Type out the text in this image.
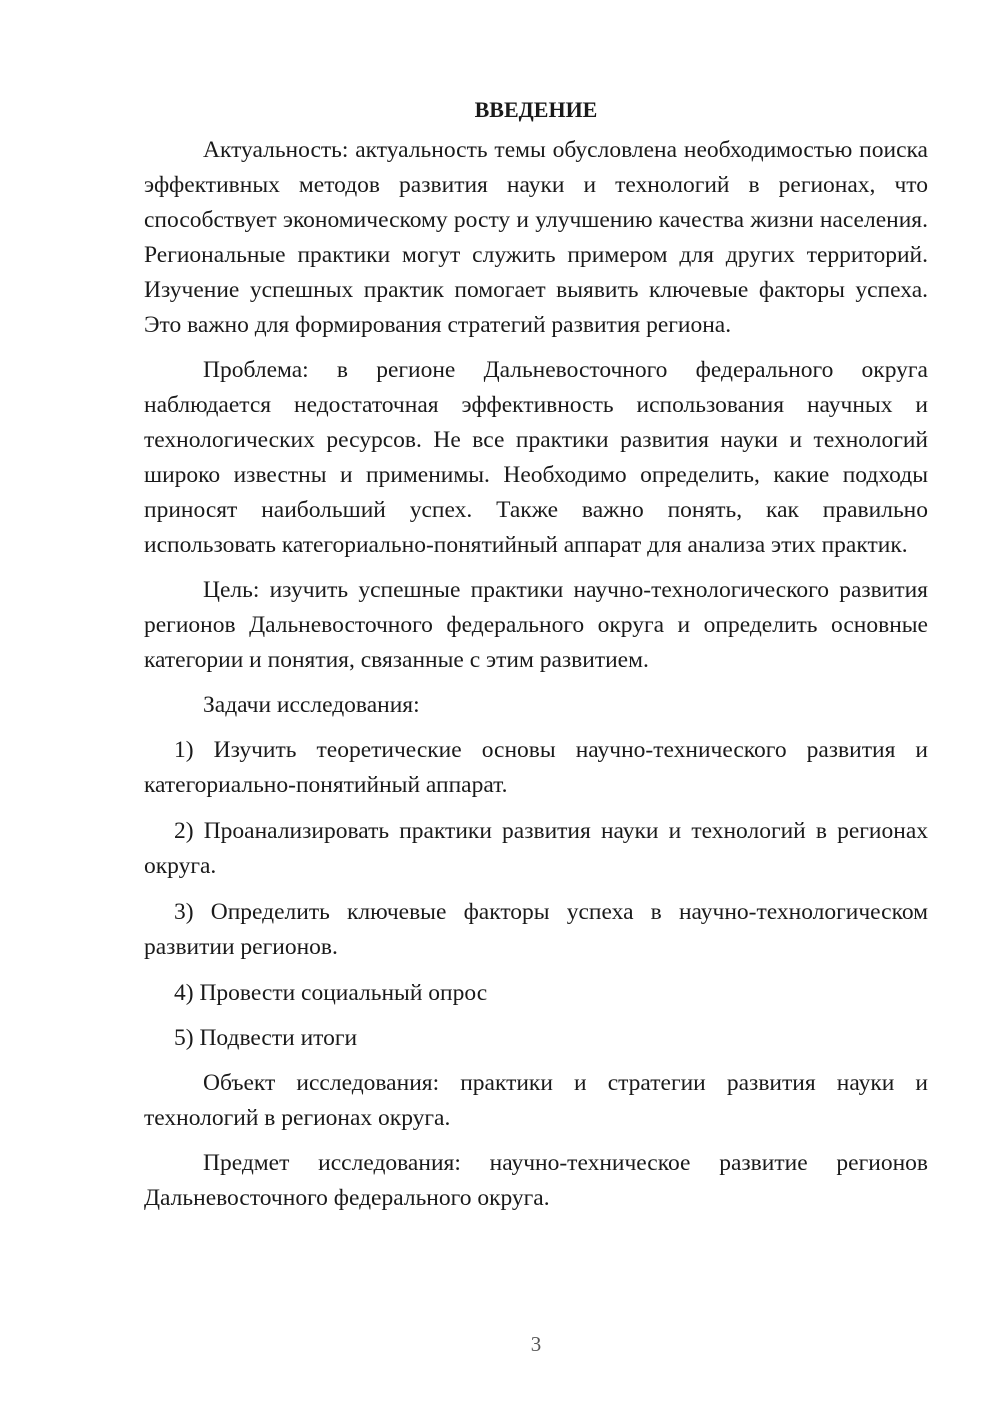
ВВЕДЕНИЕ

Актуальность: актуальность темы обусловлена необходимостью поиска эффективных методов развития науки и технологий в регионах, что способствует экономическому росту и улучшению качества жизни населения. Региональные практики могут служить примером для других территорий. Изучение успешных практик помогает выявить ключевые факторы успеха. Это важно для формирования стратегий развития региона.

Проблема: в регионе Дальневосточного федерального округа наблюдается недостаточная эффективность использования научных и технологических ресурсов. Не все практики развития науки и технологий широко известны и применимы. Необходимо определить, какие подходы приносят наибольший успех. Также важно понять, как правильно использовать категориально-понятийный аппарат для анализа этих практик.

Цель: изучить успешные практики научно-технологического развития регионов Дальневосточного федерального округа и определить основные категории и понятия, связанные с этим развитием.

Задачи исследования:

1) Изучить теоретические основы научно-технического развития и категориально-понятийный аппарат.

2) Проанализировать практики развития науки и технологий в регионах округа.

3) Определить ключевые факторы успеха в научно-технологическом развитии регионов.

4) Провести социальный опрос

5) Подвести итоги

Объект исследования: практики и стратегии развития науки и технологий в регионах округа.

Предмет исследования: научно-техническое развитие регионов Дальневосточного федерального округа.

3
